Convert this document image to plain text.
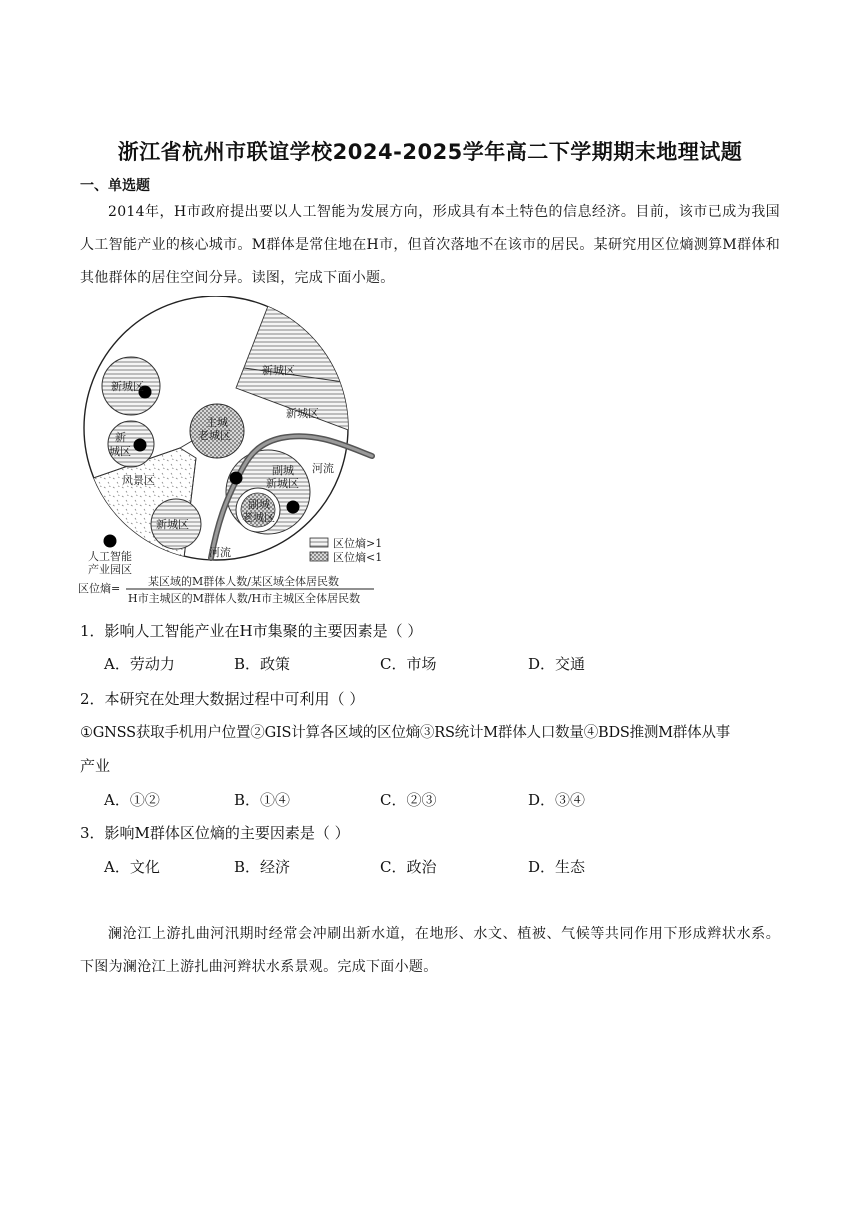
浙江省杭州市联谊学校2024-2025学年高二下学期期末地理试题
一、单选题
2014年，H市政府提出要以人工智能为发展方向，形成具有本土特色的信息经济。目前，该市已成为我国人工智能产业的核心城市。M群体是常住地在H市，但首次落地不在该市的居民。某研究用区位熵测算M群体和其他群体的居住空间分异。读图，完成下面小题。
新城区
新
城区
主城
老城区
新城区
新城区
风景区
新城区
河流
河流
副城
新城区
副城
老城区
人工智能
产业园区
区位熵>1
区位熵<1
区位熵=
某区域的M群体人数/某区域全体居民数
H市主城区的M群体人数/H市主城区全体居民数
1．影响人工智能产业在H市集聚的主要因素是（ ）
A．劳动力	B．政策	C．市场	D．交通
2．本研究在处理大数据过程中可利用（ ）
①GNSS获取手机用户位置②GIS计算各区域的区位熵③RS统计M群体人口数量④BDS推测M群体从事
产业
A．①②	B．①④	C．②③	D．③④
3．影响M群体区位熵的主要因素是（ ）
A．文化	B．经济	C．政治	D．生态
澜沧江上游扎曲河汛期时经常会冲刷出新水道，在地形、水文、植被、气候等共同作用下形成辫状水系。下图为澜沧江上游扎曲河辫状水系景观。完成下面小题。
